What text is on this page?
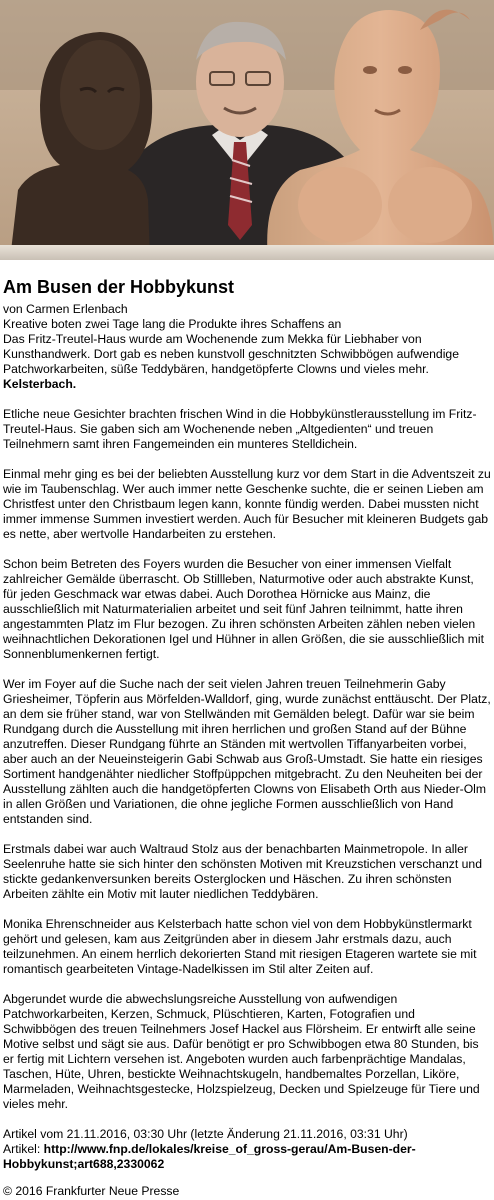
Am Busen der Hobbykunst
von Carmen Erlenbach
Kreative boten zwei Tage lang die Produkte ihres Schaffens an
Das Fritz-Treutel-Haus wurde am Wochenende zum Mekka für Liebhaber von Kunsthandwerk. Dort gab es neben kunstvoll geschnitzten Schwibbögen aufwendige Patchworkarbeiten, süße Teddybären, handgetöpferte Clowns und vieles mehr.
Kelsterbach.

Etliche neue Gesichter brachten frischen Wind in die Hobbykünstlerausstellung im Fritz-Treutel-Haus. Sie gaben sich am Wochenende neben „Altgedienten“ und treuen Teilnehmern samt ihren Fangemeinden ein munteres Stelldichein.

Einmal mehr ging es bei der beliebten Ausstellung kurz vor dem Start in die Adventszeit zu wie im Taubenschlag. Wer auch immer nette Geschenke suchte, die er seinen Lieben am Christfest unter den Christbaum legen kann, konnte fündig werden. Dabei mussten nicht immer immense Summen investiert werden. Auch für Besucher mit kleineren Budgets gab es nette, aber wertvolle Handarbeiten zu erstehen.

Schon beim Betreten des Foyers wurden die Besucher von einer immensen Vielfalt zahlreicher Gemälde überrascht. Ob Stillleben, Naturmotive oder auch abstrakte Kunst, für jeden Geschmack war etwas dabei. Auch Dorothea Hörnicke aus Mainz, die ausschließlich mit Naturmaterialien arbeitet und seit fünf Jahren teilnimmt, hatte ihren angestammten Platz im Flur bezogen. Zu ihren schönsten Arbeiten zählen neben vielen weihnachtlichen Dekorationen Igel und Hühner in allen Größen, die sie ausschließlich mit Sonnenblumenkernen fertigt.

Wer im Foyer auf die Suche nach der seit vielen Jahren treuen Teilnehmerin Gaby Griesheimer, Töpferin aus Mörfelden-Walldorf, ging, wurde zunächst enttäuscht. Der Platz, an dem sie früher stand, war von Stellwänden mit Gemälden belegt. Dafür war sie beim Rundgang durch die Ausstellung mit ihren herrlichen und großen Stand auf der Bühne anzutreffen. Dieser Rundgang führte an Ständen mit wertvollen Tiffanyarbeiten vorbei, aber auch an der Neueinsteigerin Gabi Schwab aus Groß-Umstadt. Sie hatte ein riesiges Sortiment handgenähter niedlicher Stoffpüppchen mitgebracht. Zu den Neuheiten bei der Ausstellung zählten auch die handgetöpferten Clowns von Elisabeth Orth aus Nieder-Olm in allen Größen und Variationen, die ohne jegliche Formen ausschließlich von Hand entstanden sind.

Erstmals dabei war auch Waltraud Stolz aus der benachbarten Mainmetropole. In aller Seelenruhe hatte sie sich hinter den schönsten Motiven mit Kreuzstichen verschanzt und stickte gedankenversunken bereits Osterglocken und Häschen. Zu ihren schönsten Arbeiten zählte ein Motiv mit lauter niedlichen Teddybären.

Monika Ehrenschneider aus Kelsterbach hatte schon viel von dem Hobbykünstlermarkt gehört und gelesen, kam aus Zeitgründen aber in diesem Jahr erstmals dazu, auch teilzunehmen. An einem herrlich dekorierten Stand mit riesigen Etageren wartete sie mit romantisch gearbeiteten Vintage-Nadelkissen im Stil alter Zeiten auf.

Abgerundet wurde die abwechslungsreiche Ausstellung von aufwendigen Patchworkarbeiten, Kerzen, Schmuck, Plüschtieren, Karten, Fotografien und Schwibbögen des treuen Teilnehmers Josef Hackel aus Flörsheim. Er entwirft alle seine Motive selbst und sägt sie aus. Dafür benötigt er pro Schwibbogen etwa 80 Stunden, bis er fertig mit Lichtern versehen ist. Angeboten wurden auch farbenprächtige Mandalas, Taschen, Hüte, Uhren, bestickte Weihnachtskugeln, handbemaltes Porzellan, Liköre, Marmeladen, Weihnachtsgestecke, Holzspielzeug, Decken und Spielzeuge für Tiere und vieles mehr.

Artikel vom 21.11.2016, 03:30 Uhr (letzte Änderung 21.11.2016, 03:31 Uhr)
Artikel: http://www.fnp.de/lokales/kreise_of_gross-gerau/Am-Busen-der-Hobbykunst;art688,2330062
© 2016 Frankfurter Neue Presse
